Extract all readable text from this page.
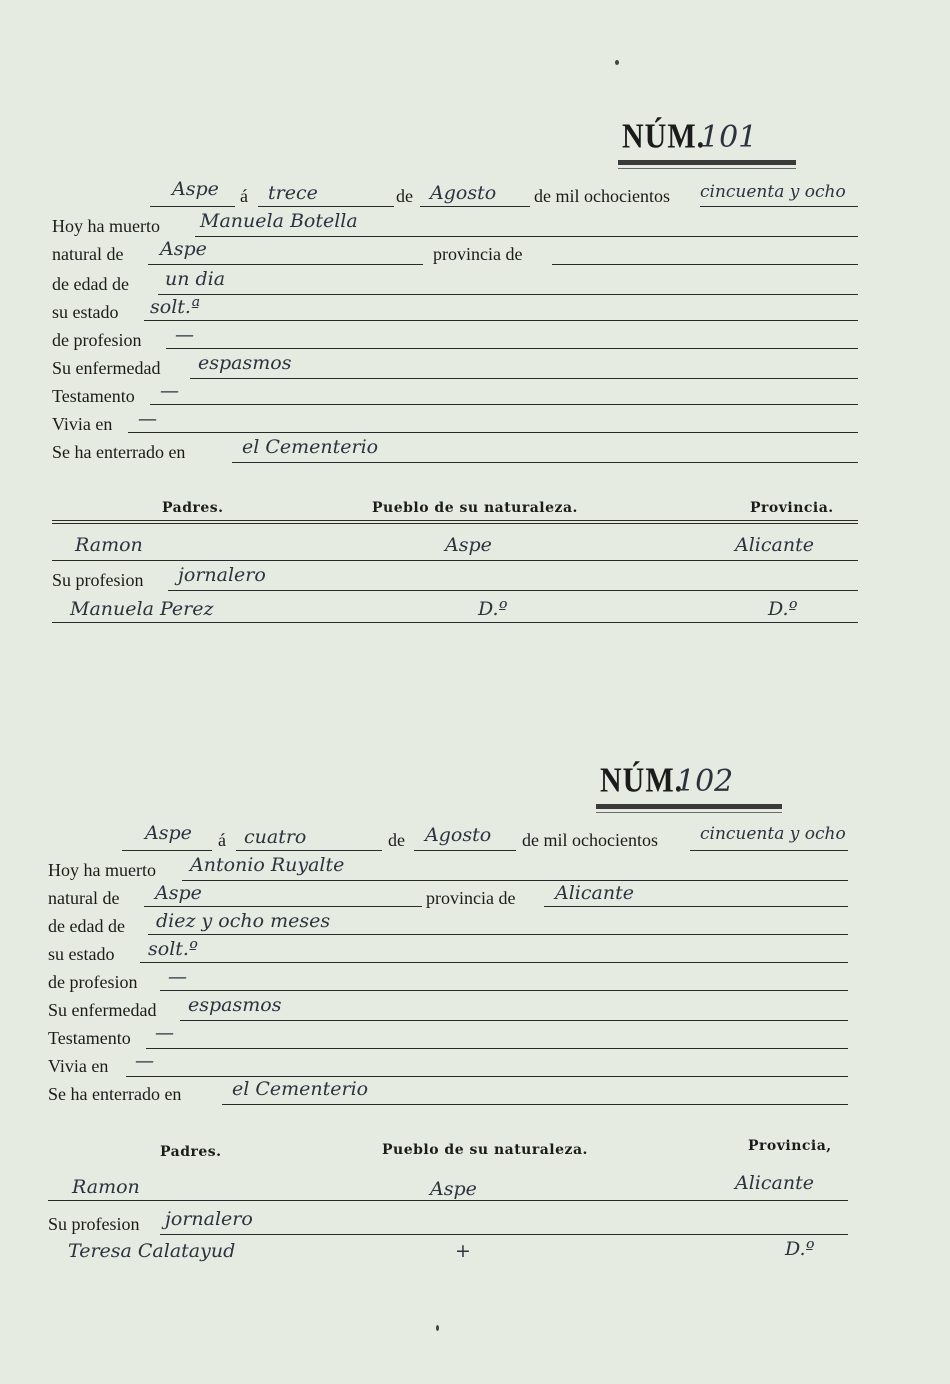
NÚM.
101
Aspe á trece	de Agosto de mil ochocientos cincuenta y ocho
Hoy ha muerto Manuela Botella
natural de Aspe	provincia de
de edad de un dia
su estado solt.ª
de profesion —
Su enfermedad espasmos
Testamento —
Vivia en —
Se ha enterrado en	el Cementerio
Padres.	Pueblo de su naturaleza.	Provincia.
Ramon	Aspe	Alicante
Su profesion jornalero
Manuela Perez	D.º	D.º
NÚM.
102
Aspe á cuatro	de Agosto de mil ochocientos cincuenta y ocho
Hoy ha muerto Antonio Ruyalte
natural de Aspe	provincia de Alicante
de edad de diez y ocho meses
su estado solt.º
de profesion —
Su enfermedad espasmos
Testamento —
Vivia en —
Se ha enterrado en	el Cementerio
Padres.	Pueblo de su naturaleza.	Provincia,
Ramon	Aspe	Alicante
Su profesion jornalero
Teresa Calatayud	+	D.º
